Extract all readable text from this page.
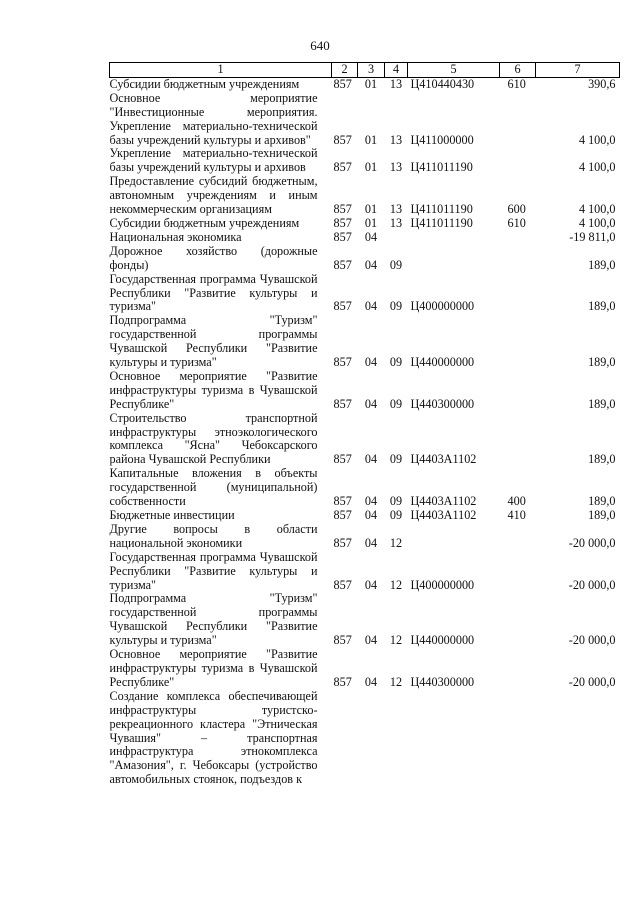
640
1	2	3	4	5	6	7
Субсидии бюджетным учреждениям	857	01	13	Ц410440430	610	390,6
Основное мероприятие "Инвестиционные мероприятия. Укрепление материально-технической базы учреждений культуры и архивов"	857	01	13	Ц411000000		4 100,0
Укрепление материально-технической базы учреждений культуры и архивов	857	01	13	Ц411011190		4 100,0
Предоставление субсидий бюджетным, автономным учреждениям и иным некоммерческим организациям	857	01	13	Ц411011190	600	4 100,0
Субсидии бюджетным учреждениям	857	01	13	Ц411011190	610	4 100,0
Национальная экономика	857	04				-19 811,0
Дорожное хозяйство (дорожные фонды)	857	04	09			189,0
Государственная программа Чувашской Республики "Развитие культуры и туризма"	857	04	09	Ц400000000		189,0
Подпрограмма "Туризм" государственной программы Чувашской Республики "Развитие культуры и туризма"	857	04	09	Ц440000000		189,0
Основное мероприятие "Развитие инфраструктуры туризма в Чувашской Республике"	857	04	09	Ц440300000		189,0
Строительство транспортной инфраструктуры этноэкологического комплекса "Ясна" Чебоксарского района Чувашской Республики	857	04	09	Ц4403А1102		189,0
Капитальные вложения в объекты государственной (муниципальной) собственности	857	04	09	Ц4403А1102	400	189,0
Бюджетные инвестиции	857	04	09	Ц4403А1102	410	189,0
Другие вопросы в области национальной экономики	857	04	12			-20 000,0
Государственная программа Чувашской Республики "Развитие культуры и туризма"	857	04	12	Ц400000000		-20 000,0
Подпрограмма "Туризм" государственной программы Чувашской Республики "Развитие культуры и туризма"	857	04	12	Ц440000000		-20 000,0
Основное мероприятие "Развитие инфраструктуры туризма в Чувашской Республике"	857	04	12	Ц440300000		-20 000,0
Создание комплекса обеспечивающей инфраструктуры туристско-рекреационного кластера "Этническая Чувашия" – транспортная инфраструктура этнокомплекса "Амазония", г. Чебоксары (устройство автомобильных стоянок, подъездов к						
